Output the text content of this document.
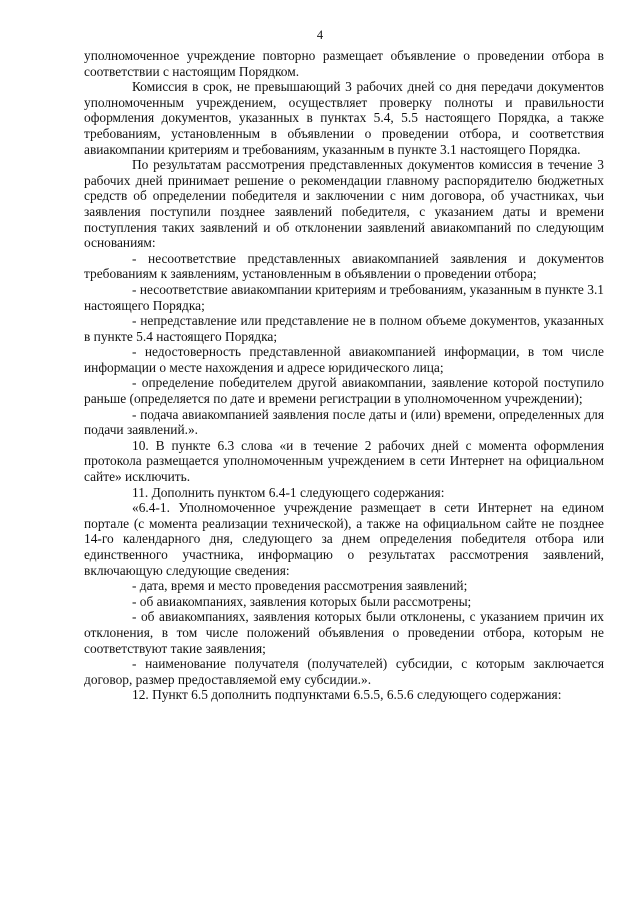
4

уполномоченное учреждение повторно размещает объявление о проведении отбора в соответствии с настоящим Порядком.

Комиссия в срок, не превышающий 3 рабочих дней со дня передачи документов уполномоченным учреждением, осуществляет проверку полноты и правильности оформления документов, указанных в пунктах 5.4, 5.5 настоящего Порядка, а также требованиям, установленным в объявлении о проведении отбора, и соответствия авиакомпании критериям и требованиям, указанным в пункте 3.1 настоящего Порядка.

По результатам рассмотрения представленных документов комиссия в течение 3 рабочих дней принимает решение о рекомендации главному распорядителю бюджетных средств об определении победителя и заключении с ним договора, об участниках, чьи заявления поступили позднее заявлений победителя, с указанием даты и времени поступления таких заявлений и об отклонении заявлений авиакомпаний по следующим основаниям:

- несоответствие представленных авиакомпанией заявления и документов требованиям к заявлениям, установленным в объявлении о проведении отбора;

- несоответствие авиакомпании критериям и требованиям, указанным в пункте 3.1 настоящего Порядка;

- непредставление или представление не в полном объеме документов, указанных в пункте 5.4 настоящего Порядка;

- недостоверность представленной авиакомпанией информации, в том числе информации о месте нахождения и адресе юридического лица;

- определение победителем другой авиакомпании, заявление которой поступило раньше (определяется по дате и времени регистрации в уполномоченном учреждении);

- подача авиакомпанией заявления после даты и (или) времени, определенных для подачи заявлений.».

10. В пункте 6.3 слова «и в течение 2 рабочих дней с момента оформления протокола размещается уполномоченным учреждением в сети Интернет на официальном сайте» исключить.

11. Дополнить пунктом 6.4-1 следующего содержания:

«6.4-1. Уполномоченное учреждение размещает в сети Интернет на едином портале (с момента реализации технической), а также на официальном сайте не позднее 14-го календарного дня, следующего за днем определения победителя отбора или единственного участника, информацию о результатах рассмотрения заявлений, включающую следующие сведения:

- дата, время и место проведения рассмотрения заявлений;

- об авиакомпаниях, заявления которых были рассмотрены;

- об авиакомпаниях, заявления которых были отклонены, с указанием причин их отклонения, в том числе положений объявления о проведении отбора, которым не соответствуют такие заявления;

- наименование получателя (получателей) субсидии, с которым заключается договор, размер предоставляемой ему субсидии.».

12. Пункт 6.5 дополнить подпунктами 6.5.5, 6.5.6 следующего содержания:
